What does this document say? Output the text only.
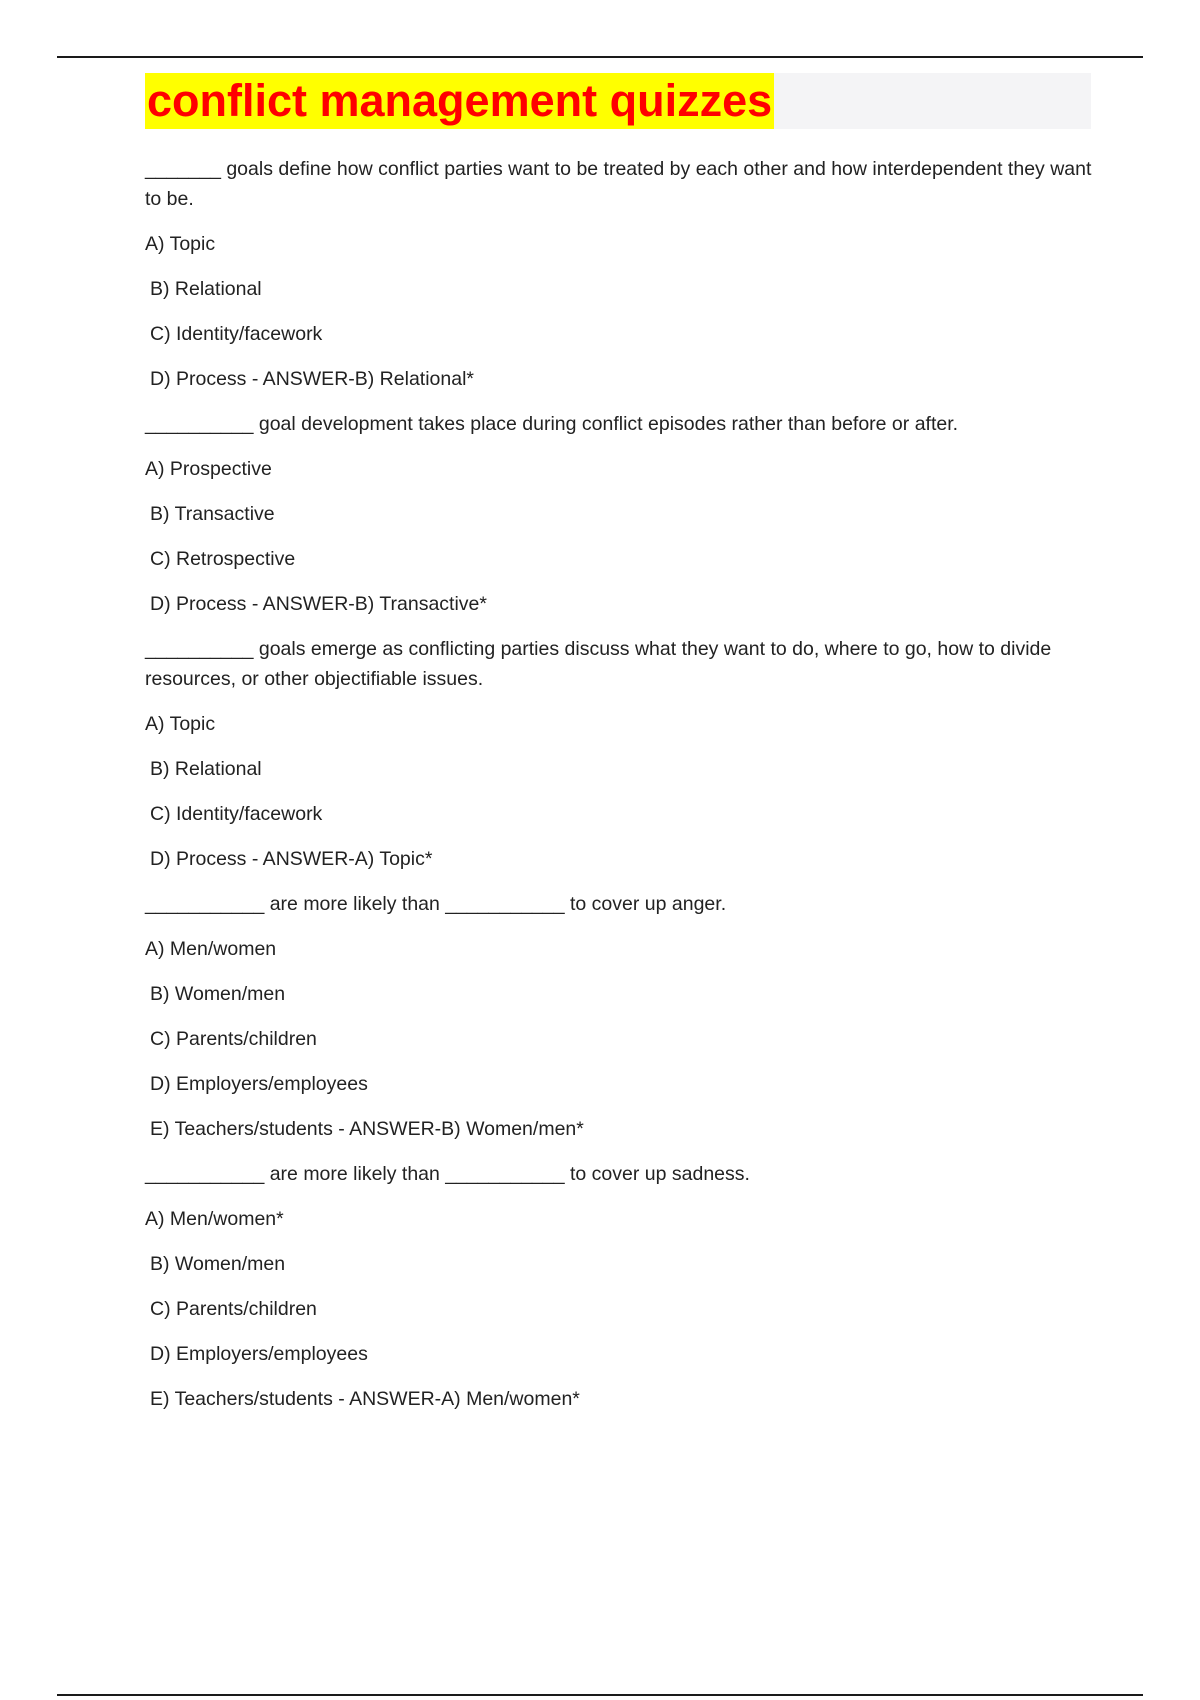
conflict management quizzes
_______ goals define how conflict parties want to be treated by each other and how interdependent they want to be.
A) Topic
B) Relational
C) Identity/facework
D) Process - ANSWER-B) Relational*
__________ goal development takes place during conflict episodes rather than before or after.
A) Prospective
B) Transactive
C) Retrospective
D) Process - ANSWER-B) Transactive*
__________ goals emerge as conflicting parties discuss what they want to do, where to go, how to divide resources, or other objectifiable issues.
A) Topic
B) Relational
C) Identity/facework
D) Process - ANSWER-A) Topic*
___________ are more likely than ___________ to cover up anger.
A) Men/women
B) Women/men
C) Parents/children
D) Employers/employees
E) Teachers/students - ANSWER-B) Women/men*
___________ are more likely than ___________ to cover up sadness.
A) Men/women*
B) Women/men
C) Parents/children
D) Employers/employees
E) Teachers/students - ANSWER-A) Men/women*
